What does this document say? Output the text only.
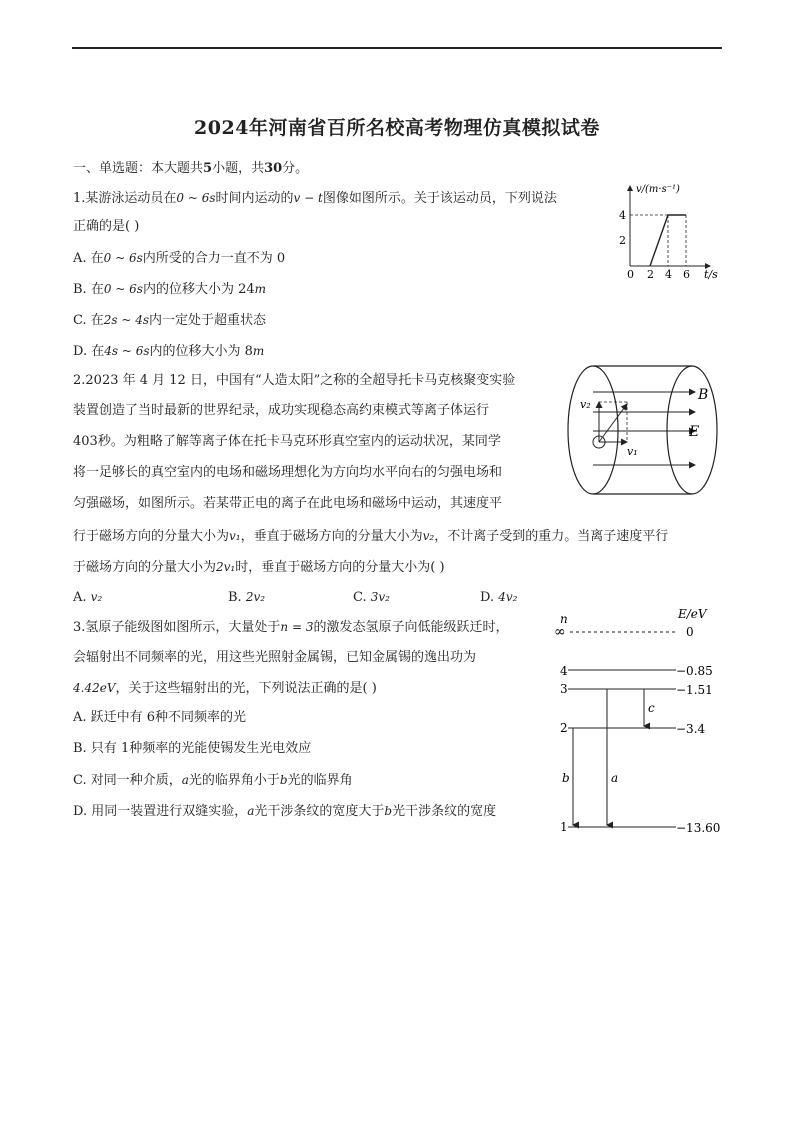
2024年河南省百所名校高考物理仿真模拟试卷
一、单选题：本大题共5小题，共30分。
1.某游泳运动员在0 ~ 6s时间内运动的v − t图像如图所示。关于该运动员，下列说法
正确的是( )
A. 在0 ~ 6s内所受的合力一直不为 0
B. 在0 ~ 6s内的位移大小为 24m
C. 在2s ~ 4s内一定处于超重状态
D. 在4s ~ 6s内的位移大小为 8m
v/(m·s⁻¹)
t/s
4
2
0 2 4 6
2.2023 年 4 月 12 日，中国有“人造太阳”之称的全超导托卡马克核聚变实验
装置创造了当时最新的世界纪录，成功实现稳态高约束模式等离子体运行
403秒。为粗略了解等离子体在托卡马克环形真空室内的运动状况，某同学
将一足够长的真空室内的电场和磁场理想化为方向均水平向右的匀强电场和
匀强磁场，如图所示。若某带正电的离子在此电场和磁场中运动，其速度平
行于磁场方向的分量大小为v₁，垂直于磁场方向的分量大小为v₂，不计离子受到的重力。当离子速度平行
于磁场方向的分量大小为2v₁时，垂直于磁场方向的分量大小为( )
A. v₂	B. 2v₂	C. 3v₂	D. 4v₂
B
E
v₂
v₁
3.氢原子能级图如图所示，大量处于n = 3的激发态氢原子向低能级跃迁时，
会辐射出不同频率的光，用这些光照射金属锡，已知金属锡的逸出功为
4.42eV，关于这些辐射出的光，下列说法正确的是( )
A. 跃迁中有 6种不同频率的光
B. 只有 1种频率的光能使锡发生光电效应
C. 对同一种介质，a光的临界角小于b光的临界角
D. 用同一装置进行双缝实验，a光干涉条纹的宽度大于b光干涉条纹的宽度
n	E/eV
∞	0
4	−0.85
3	−1.51
2	−3.4
1	−13.60
c
b	a
